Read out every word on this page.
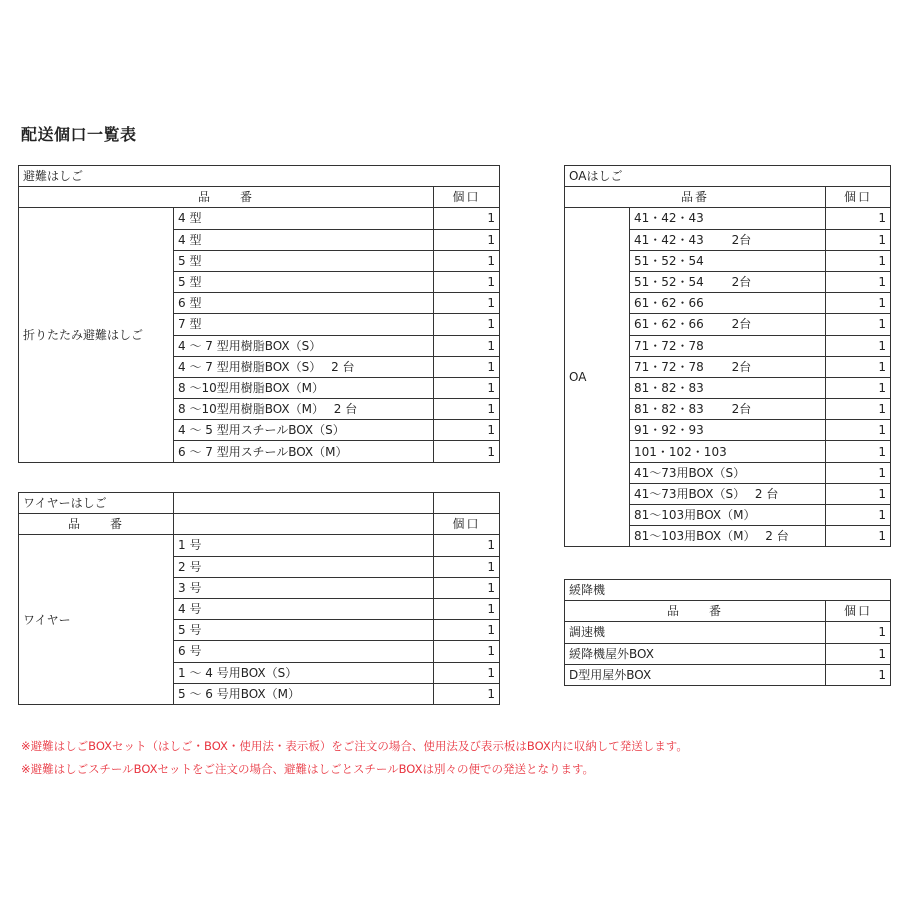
配送個口一覧表
避難はしご		
品　　番		個口
折りたたみ避難はしご	4 型	1
	4 型	1
	5 型	1
	5 型	1
	6 型	1
	7 型	1
	4 ～ 7 型用樹脂BOX（S）	1
	4 ～ 7 型用樹脂BOX（S）　 2 台	1
	8 ～10型用樹脂BOX（M）	1
	8 ～10型用樹脂BOX（M）　 2 台	1
	4 ～ 5 型用スチールBOX（S）	1
	6 ～ 7 型用スチールBOX（M）	1
ワイヤーはしご		
品　　番		個口
ワイヤー	1 号	1
	2 号	1
	3 号	1
	4 号	1
	5 号	1
	6 号	1
	1 ～ 4 号用BOX（S）	1
	5 ～ 6 号用BOX（M）	1
OAはしご		
品番		個口
OA	41・42・43	1
	41・42・43　　 2台	1
	51・52・54	1
	51・52・54　　 2台	1
	61・62・66	1
	61・62・66　　 2台	1
	71・72・78	1
	71・72・78　　 2台	1
	81・82・83	1
	81・82・83　　 2台	1
	91・92・93	1
	101・102・103	1
	41～73用BOX（S）	1
	41～73用BOX（S）　 2 台	1
	81～103用BOX（M）	1
	81～103用BOX（M）　 2 台	1
緩降機	
品　　番	個口
調速機	1
緩降機屋外BOX	1
D型用屋外BOX	1
※避難はしごBOXセット（はしご・BOX・使用法・表示板）をご注文の場合、使用法及び表示板はBOX内に収納して発送します。
※避難はしごスチールBOXセットをご注文の場合、避難はしごとスチールBOXは別々の便での発送となります。
